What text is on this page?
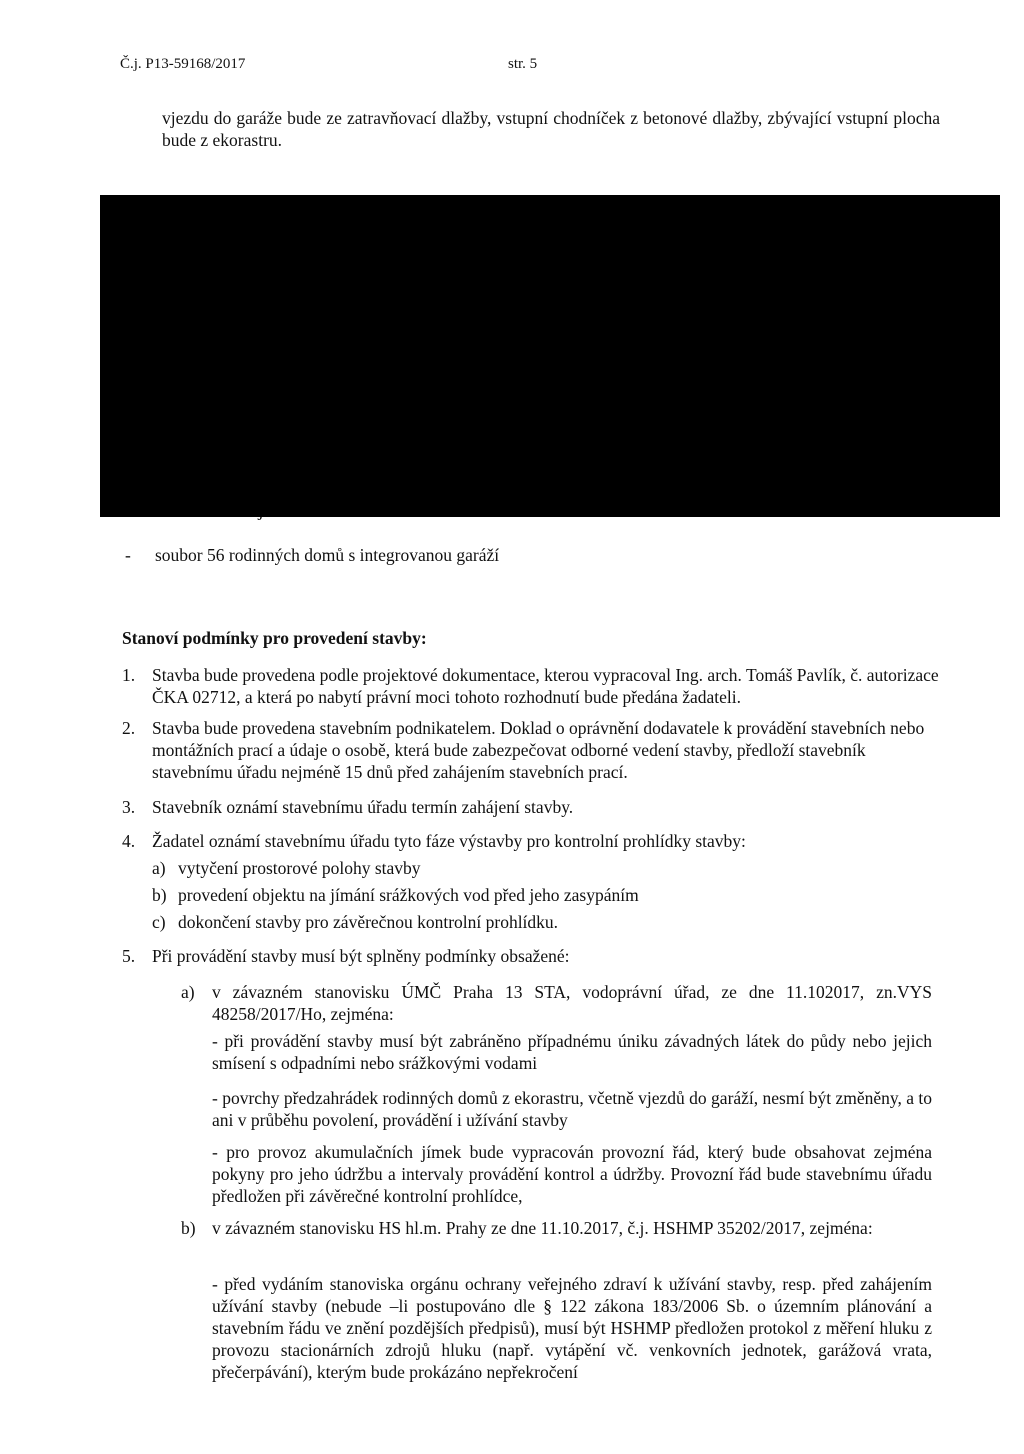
Č.j. P13-59168/2017	str. 5

vjezdu do garáže bude ze zatravňovací dlažby, vstupní chodníček z betonové dlažby, zbývající vstupní plocha bude z ekorastru.

- soubor 56 rodinných domů s integrovanou garáží
Stanoví podmínky pro provedení stavby:
1. Stavba bude provedena podle projektové dokumentace, kterou vypracoval Ing. arch. Tomáš Pavlík, č. autorizace ČKA 02712, a která po nabytí právní moci tohoto rozhodnutí bude předána žadateli.

2. Stavba bude provedena stavebním podnikatelem. Doklad o oprávnění dodavatele k provádění stavebních nebo montážních prací a údaje o osobě, která bude zabezpečovat odborné vedení stavby, předloží stavebník stavebnímu úřadu nejméně 15 dnů před zahájením stavebních prací.

3. Stavebník oznámí stavebnímu úřadu termín zahájení stavby.

4. Žadatel oznámí stavebnímu úřadu tyto fáze výstavby pro kontrolní prohlídky stavby:

a) vytyčení prostorové polohy stavby
b) provedení objektu na jímání srážkových vod před jeho zasypáním
c) dokončení stavby pro závěrečnou kontrolní prohlídku.
5. Při provádění stavby musí být splněny podmínky obsažené:

a) v závazném stanovisku ÚMČ Praha 13 STA, vodoprávní úřad, ze dne 11.102017, zn.VYS 48258/2017/Ho, zejména:

- při provádění stavby musí být zabráněno případnému úniku závadných látek do půdy nebo jejich smísení s odpadními nebo srážkovými vodami

- povrchy předzahrádek rodinných domů z ekorastru, včetně vjezdů do garáží, nesmí být změněny, a to ani v průběhu povolení, provádění i užívání stavby

- pro provoz akumulačních jímek bude vypracován provozní řád, který bude obsahovat zejména pokyny pro jeho údržbu a intervaly provádění kontrol a údržby. Provozní řád bude stavebnímu úřadu předložen při závěrečné kontrolní prohlídce,

b) v závazném stanovisku HS hl.m. Prahy ze dne 11.10.2017, č.j. HSHMP 35202/2017, zejména:

- před vydáním stanoviska orgánu ochrany veřejného zdraví k užívání stavby, resp. před zahájením užívání stavby (nebude –li postupováno dle § 122 zákona 183/2006 Sb. o územním plánování a stavebním řádu ve znění pozdějších předpisů), musí být HSHMP předložen protokol z měření hluku z provozu stacionárních zdrojů hluku (např. vytápění vč. venkovních jednotek, garážová vrata, přečerpávání), kterým bude prokázáno nepřekročení
